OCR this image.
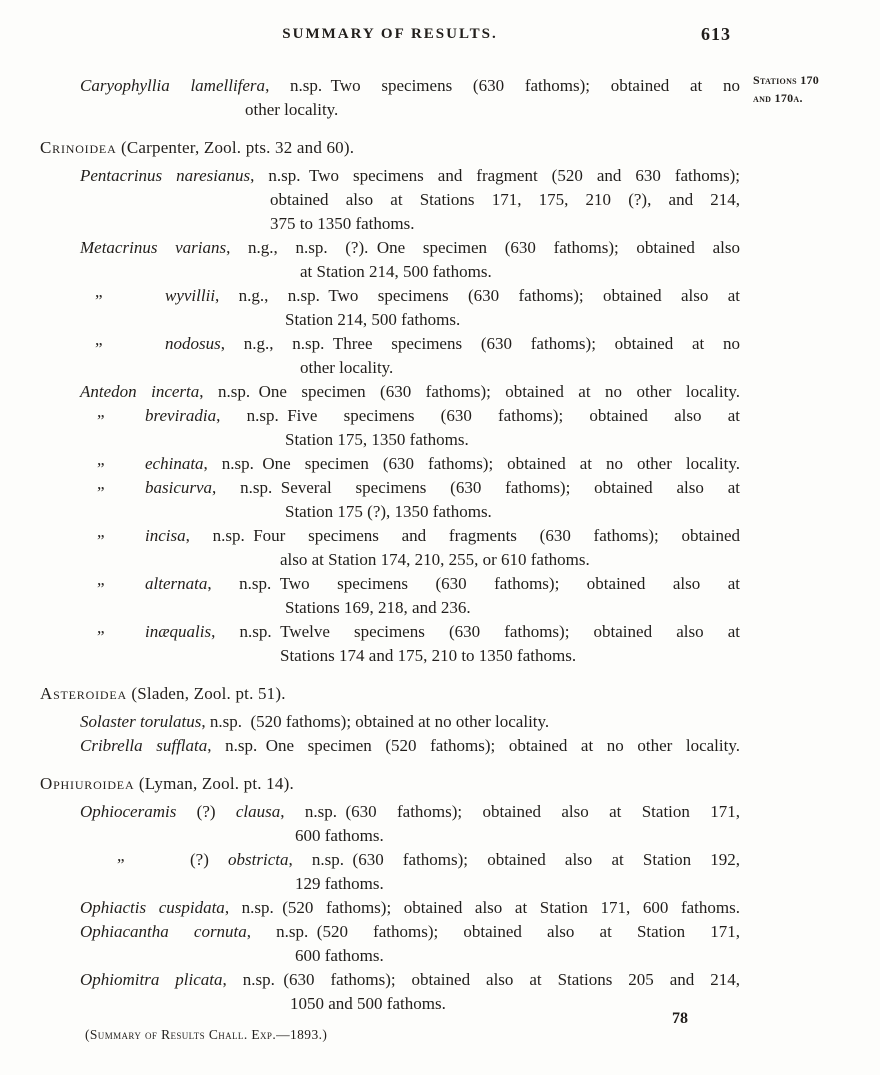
SUMMARY OF RESULTS.	613
Stations 170
and 170a.
Caryophyllia lamellifera, n.sp. Two specimens (630 fathoms); obtained at no
other locality.
Crinoidea (Carpenter, Zool. pts. 32 and 60).
Pentacrinus naresianus, n.sp. Two specimens and fragment (520 and 630 fathoms);
obtained also at Stations 171, 175, 210 (?), and 214,
375 to 1350 fathoms.
Metacrinus varians, n.g., n.sp. (?). One specimen (630 fathoms); obtained also
at Station 214, 500 fathoms.
„	wyvillii, n.g., n.sp. Two specimens (630 fathoms); obtained also at
Station 214, 500 fathoms.
„	nodosus, n.g., n.sp. Three specimens (630 fathoms); obtained at no
other locality.
Antedon incerta, n.sp. One specimen (630 fathoms); obtained at no other locality.
„ breviradia, n.sp. Five specimens (630 fathoms); obtained also at
Station 175, 1350 fathoms.
„ echinata, n.sp. One specimen (630 fathoms); obtained at no other locality.
„ basicurva, n.sp. Several specimens (630 fathoms); obtained also at
Station 175 (?), 1350 fathoms.
„ incisa, n.sp. Four specimens and fragments (630 fathoms); obtained
also at Station 174, 210, 255, or 610 fathoms.
„ alternata, n.sp. Two specimens (630 fathoms); obtained also at
Stations 169, 218, and 236.
„ inæqualis, n.sp. Twelve specimens (630 fathoms); obtained also at
Stations 174 and 175, 210 to 1350 fathoms.
Asteroidea (Sladen, Zool. pt. 51).
Solaster torulatus, n.sp. (520 fathoms); obtained at no other locality.
Cribrella sufflata, n.sp. One specimen (520 fathoms); obtained at no other locality.
Ophiuroidea (Lyman, Zool. pt. 14).
Ophioceramis (?) clausa, n.sp. (630 fathoms); obtained also at Station 171,
600 fathoms.
„	(?) obstricta, n.sp. (630 fathoms); obtained also at Station 192,
129 fathoms.
Ophiactis cuspidata, n.sp. (520 fathoms); obtained also at Station 171, 600 fathoms.
Ophiacantha cornuta, n.sp. (520 fathoms); obtained also at Station 171,
600 fathoms.
Ophiomitra plicata, n.sp. (630 fathoms); obtained also at Stations 205 and 214,
1050 and 500 fathoms.
(Summary of Results Chall. Exp.—1893.)
78
